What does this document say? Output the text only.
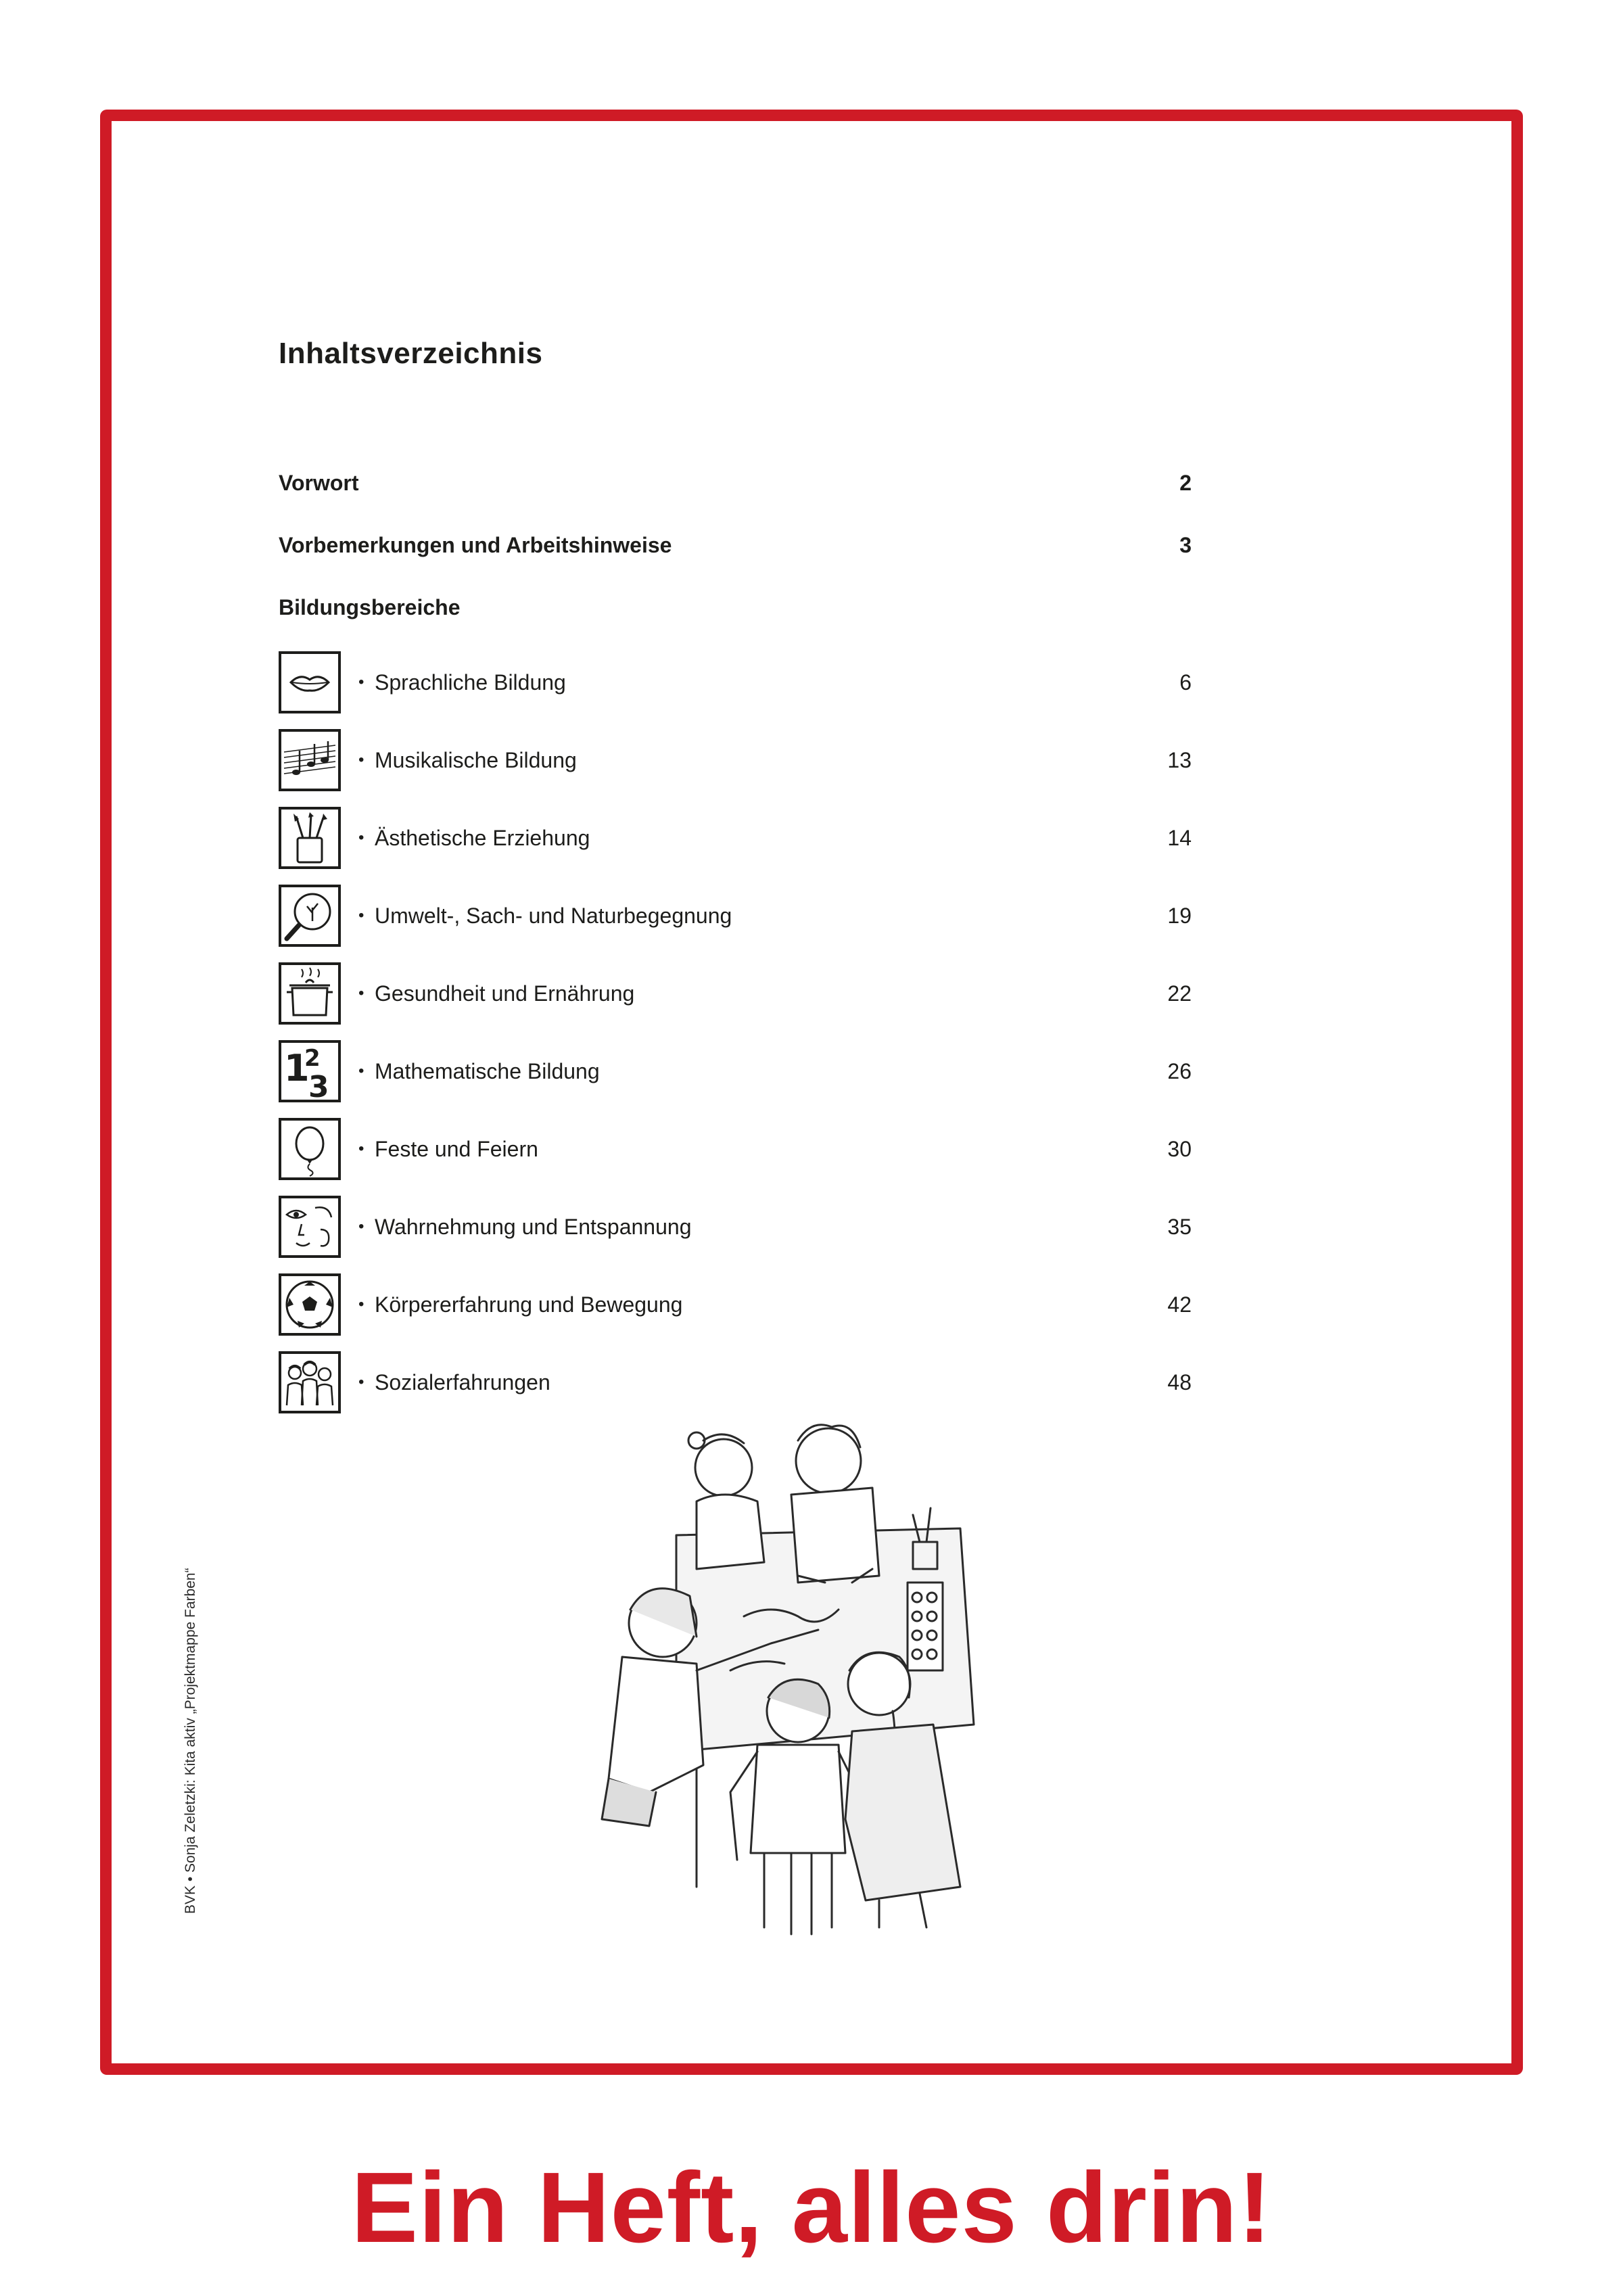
Inhaltsverzeichnis
Vorwort	2
Vorbemerkungen und Arbeitshinweise	3
Bildungsbereiche
• Sprachliche Bildung	6
• Musikalische Bildung	13
• Ästhetische Erziehung	14
• Umwelt-, Sach- und Naturbegegnung	19
• Gesundheit und Ernährung	22
1
2
3 • Mathematische Bildung	26
• Feste und Feiern	30
• Wahrnehmung und Entspannung	35
• Körpererfahrung und Bewegung	42
• Sozialerfahrungen	48
BVK • Sonja Zeletzki: Kita aktiv „Projektmappe Farben“
Ein Heft, alles drin!
